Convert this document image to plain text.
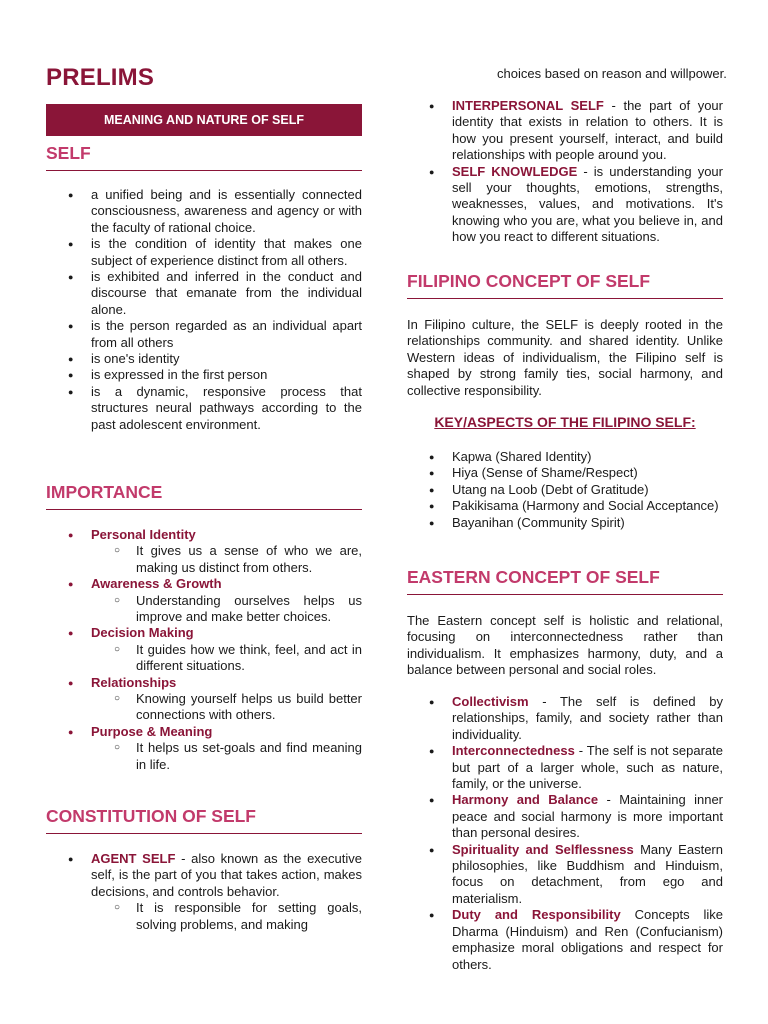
PRELIMS
MEANING AND NATURE OF SELF
SELF
● a unified being and is essentially connected consciousness, awareness and agency or with the faculty of rational choice.
● is the condition of identity that makes one subject of experience distinct from all others.
● is exhibited and inferred in the conduct and discourse that emanate from the individual alone.
● is the person regarded as an individual apart from all others
● is one's identity
● is expressed in the first person
● is a dynamic, responsive process that structures neural pathways according to the past adolescent environment.
IMPORTANCE
● Personal Identity
○ It gives us a sense of who we are, making us distinct from others.
● Awareness & Growth
○ Understanding ourselves helps us improve and make better choices.
● Decision Making
○ It guides how we think, feel, and act in different situations.
● Relationships
○ Knowing yourself helps us build better connections with others.
● Purpose & Meaning
○ It helps us set-goals and find meaning in life.
CONSTITUTION OF SELF
● AGENT SELF - also known as the executive self, is the part of you that takes action, makes decisions, and controls behavior.
○ It is responsible for setting goals, solving problems, and making
choices based on reason and willpower.
● INTERPERSONAL SELF - the part of your identity that exists in relation to others. It is how you present yourself, interact, and build relationships with people around you.
● SELF KNOWLEDGE - is understanding your sell your thoughts, emotions, strengths, weaknesses, values, and motivations. It's knowing who you are, what you believe in, and how you react to different situations.
FILIPINO CONCEPT OF SELF
In Filipino culture, the SELF is deeply rooted in the relationships community. and shared identity. Unlike Western ideas of individualism, the Filipino self is shaped by strong family ties, social harmony, and collective responsibility.
KEY/ASPECTS OF THE FILIPINO SELF:
● Kapwa (Shared Identity)
● Hiya (Sense of Shame/Respect)
● Utang na Loob (Debt of Gratitude)
● Pakikisama (Harmony and Social Acceptance)
● Bayanihan (Community Spirit)
EASTERN CONCEPT OF SELF
The Eastern concept self is holistic and relational, focusing on interconnectedness rather than individualism. It emphasizes harmony, duty, and a balance between personal and social roles.
● Collectivism - The self is defined by relationships, family, and society rather than individuality.
● Interconnectedness - The self is not separate but part of a larger whole, such as nature, family, or the universe.
● Harmony and Balance - Maintaining inner peace and social harmony is more important than personal desires.
● Spirituality and Selflessness Many Eastern philosophies, like Buddhism and Hinduism, focus on detachment, from ego and materialism.
● Duty and Responsibility Concepts like Dharma (Hinduism) and Ren (Confucianism) emphasize moral obligations and respect for others.
